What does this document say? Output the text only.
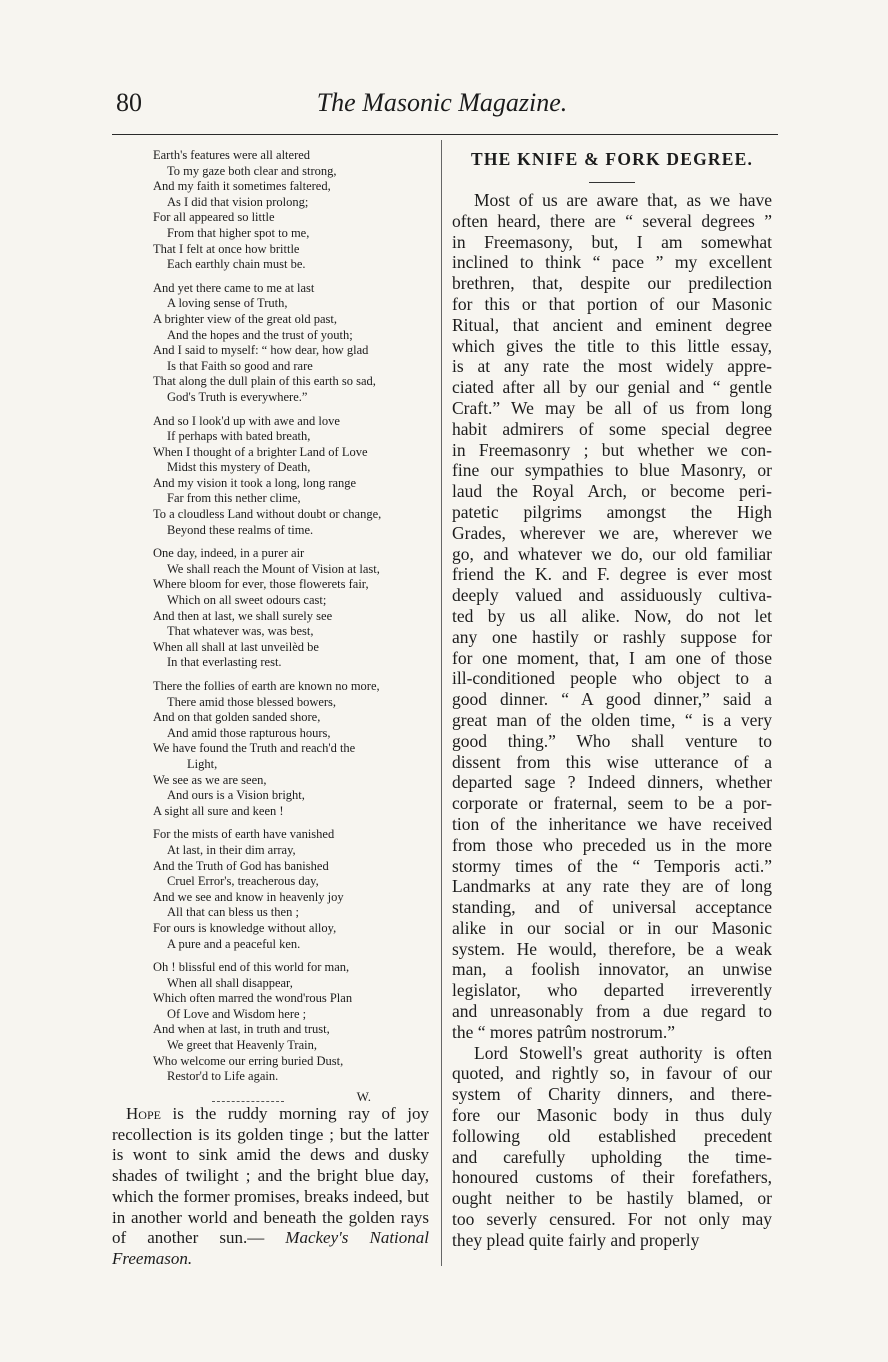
80	The Masonic Magazine.
Earth's features were all altered
To my gaze both clear and strong,
And my faith it sometimes faltered,
As I did that vision prolong;
For all appeared so little
From that higher spot to me,
That I felt at once how brittle
Each earthly chain must be.
And yet there came to me at last
A loving sense of Truth,
A brighter view of the great old past,
And the hopes and the trust of youth;
And I said to myself: “ how dear, how glad
Is that Faith so good and rare
That along the dull plain of this earth so sad,
God's Truth is everywhere.”
And so I look'd up with awe and love
If perhaps with bated breath,
When I thought of a brighter Land of Love
Midst this mystery of Death,
And my vision it took a long, long range
Far from this nether clime,
To a cloudless Land without doubt or change,
Beyond these realms of time.
One day, indeed, in a purer air
We shall reach the Mount of Vision at last,
Where bloom for ever, those flowerets fair,
Which on all sweet odours cast;
And then at last, we shall surely see
That whatever was, was best,
When all shall at last unveilèd be
In that everlasting rest.
There the follies of earth are known no more,
There amid those blessed bowers,
And on that golden sanded shore,
And amid those rapturous hours,
We have found the Truth and reach'd the
Light,
We see as we are seen,
And ours is a Vision bright,
A sight all sure and keen !
For the mists of earth have vanished
At last, in their dim array,
And the Truth of God has banished
Cruel Error's, treacherous day,
And we see and know in heavenly joy
All that can bless us then ;
For ours is knowledge without alloy,
A pure and a peaceful ken.
Oh ! blissful end of this world for man,
When all shall disappear,
Which often marred the wond'rous Plan
Of Love and Wisdom here ;
And when at last, in truth and trust,
We greet that Heavenly Train,
Who welcome our erring buried Dust,
Restor'd to Life again.
W.
Hope is the ruddy morning ray of joy recollection is its golden tinge ; but the latter is wont to sink amid the dews and dusky shades of twilight ; and the bright blue day, which the former promises, breaks indeed, but in another world and beneath the golden rays of another sun.— Mackey's National Freemason.
THE KNIFE & FORK DEGREE.
Most of us are aware that, as we have
often heard, there are “ several degrees ”
in Freemasony, but, I am somewhat
inclined to think “ pace ” my excellent
brethren, that, despite our predilection
for this or that portion of our Masonic
Ritual, that ancient and eminent degree
which gives the title to this little essay,
is at any rate the most widely appre-
ciated after all by our genial and “ gentle
Craft.” We may be all of us from long
habit admirers of some special degree
in Freemasonry ; but whether we con-
fine our sympathies to blue Masonry, or
laud the Royal Arch, or become peri-
patetic pilgrims amongst the High
Grades, wherever we are, wherever we
go, and whatever we do, our old familiar
friend the K. and F. degree is ever most
deeply valued and assiduously cultiva-
ted by us all alike. Now, do not let
any one hastily or rashly suppose for
for one moment, that, I am one of those
ill-conditioned people who object to a
good dinner. “ A good dinner,” said a
great man of the olden time, “ is a very
good thing.” Who shall venture to
dissent from this wise utterance of a
departed sage ? Indeed dinners, whether
corporate or fraternal, seem to be a por-
tion of the inheritance we have received
from those who preceded us in the more
stormy times of the “ Temporis acti.”
Landmarks at any rate they are of long
standing, and of universal acceptance
alike in our social or in our Masonic
system. He would, therefore, be a weak
man, a foolish innovator, an unwise
legislator, who departed irreverently
and unreasonably from a due regard to
the “ mores patrûm nostrorum.”
Lord Stowell's great authority is often
quoted, and rightly so, in favour of our
system of Charity dinners, and there-
fore our Masonic body in thus duly
following old established precedent
and carefully upholding the time-
honoured customs of their forefathers,
ought neither to be hastily blamed, or
too severly censured. For not only may
they plead quite fairly and properly
